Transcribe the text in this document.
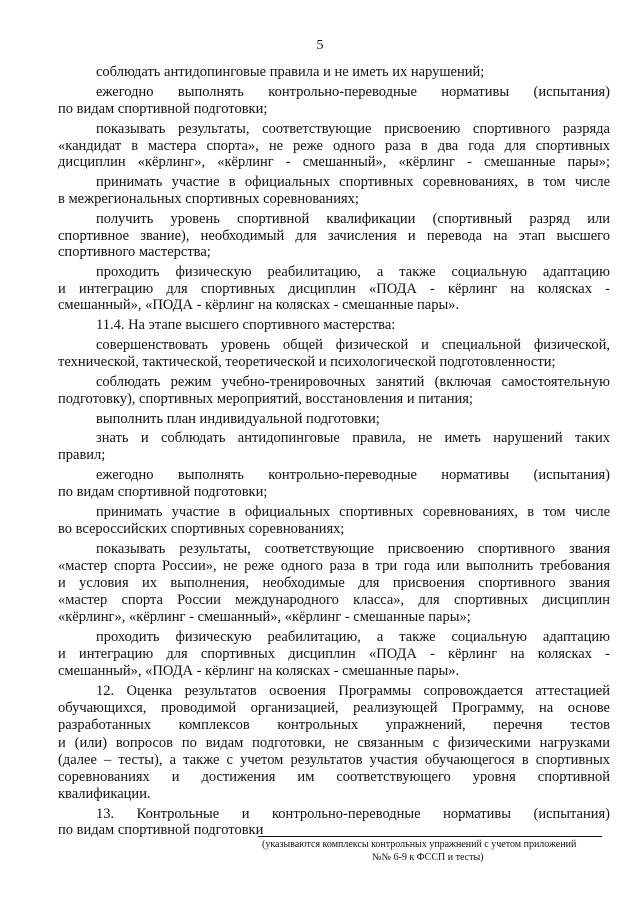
5
соблюдать антидопинговые правила и не иметь их нарушений;
ежегодно выполнять контрольно-переводные нормативы (испытания)
по видам спортивной подготовки;
показывать результаты, соответствующие присвоению спортивного разряда
«кандидат в мастера спорта», не реже одного раза в два года для спортивных
дисциплин «кёрлинг», «кёрлинг - смешанный», «кёрлинг - смешанные пары»;
принимать участие в официальных спортивных соревнованиях, в том числе
в межрегиональных спортивных соревнованиях;
получить уровень спортивной квалификации (спортивный разряд или
спортивное звание), необходимый для зачисления и перевода на этап высшего
спортивного мастерства;
проходить физическую реабилитацию, а также социальную адаптацию
и интеграцию для спортивных дисциплин «ПОДА - кёрлинг на колясках -
смешанный», «ПОДА - кёрлинг на колясках - смешанные пары».
11.4. На этапе высшего спортивного мастерства:
совершенствовать уровень общей физической и специальной физической,
технической, тактической, теоретической и психологической подготовленности;
соблюдать режим учебно-тренировочных занятий (включая самостоятельную
подготовку), спортивных мероприятий, восстановления и питания;
выполнить план индивидуальной подготовки;
знать и соблюдать антидопинговые правила, не иметь нарушений таких
правил;
ежегодно выполнять контрольно-переводные нормативы (испытания)
по видам спортивной подготовки;
принимать участие в официальных спортивных соревнованиях, в том числе
во всероссийских спортивных соревнованиях;
показывать результаты, соответствующие присвоению спортивного звания
«мастер спорта России», не реже одного раза в три года или выполнить требования
и условия их выполнения, необходимые для присвоения спортивного звания
«мастер спорта России международного класса», для спортивных дисциплин
«кёрлинг», «кёрлинг - смешанный», «кёрлинг - смешанные пары»;
проходить физическую реабилитацию, а также социальную адаптацию
и интеграцию для спортивных дисциплин «ПОДА - кёрлинг на колясках -
смешанный», «ПОДА - кёрлинг на колясках - смешанные пары».
12. Оценка результатов освоения Программы сопровождается аттестацией
обучающихся, проводимой организацией, реализующей Программу, на основе
разработанных комплексов контрольных упражнений, перечня тестов
и (или) вопросов по видам подготовки, не связанным с физическими нагрузками
(далее – тесты), а также с учетом результатов участия обучающегося в спортивных
соревнованиях и достижения им соответствующего уровня спортивной
квалификации.
13. Контрольные и контрольно-переводные нормативы (испытания)
по видам спортивной подготовки
(указываются комплексы контрольных упражнений с учетом приложений
№№ 6-9 к ФССП и тесты)
